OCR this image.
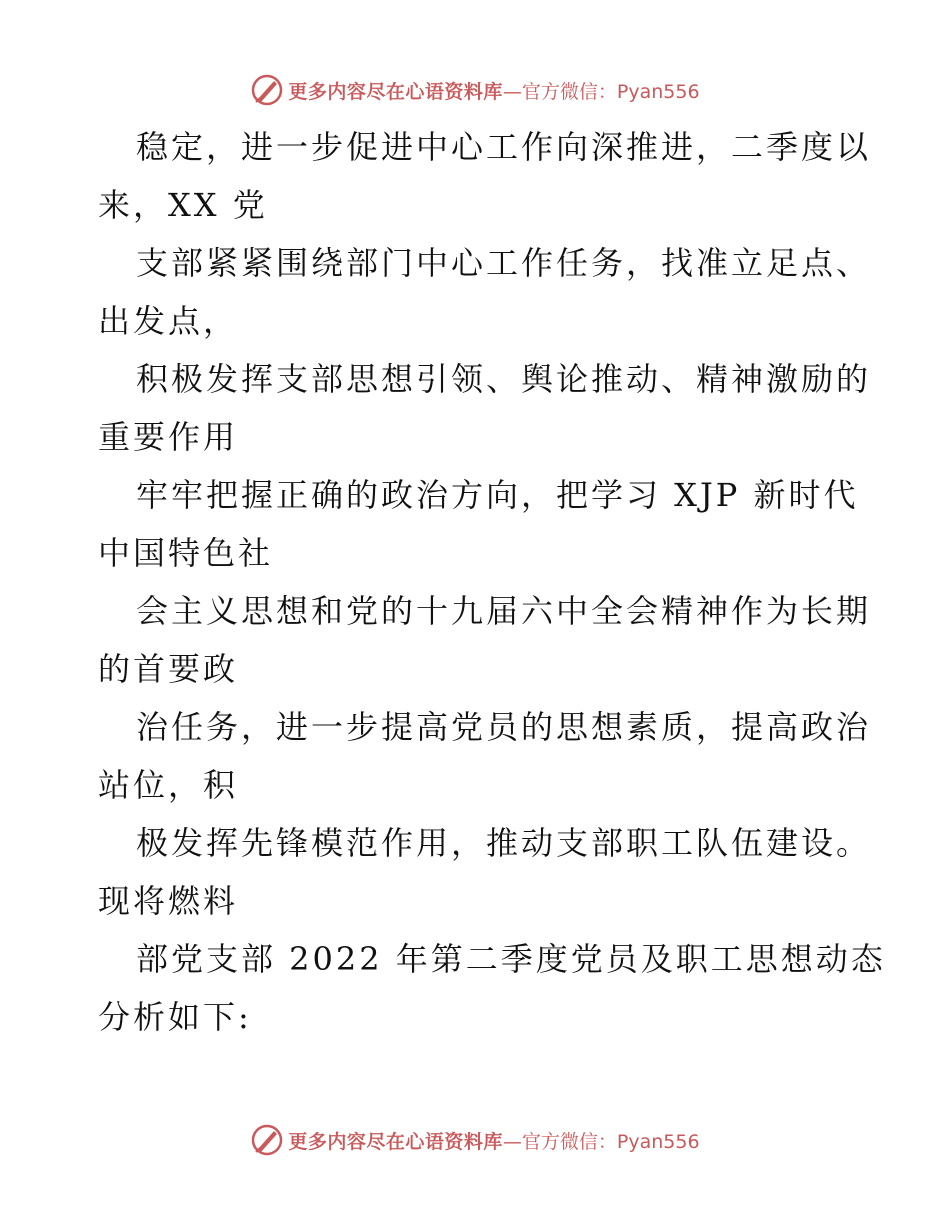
更多内容尽在心语资料库 —官方微信：Pyan556
稳定，进一步促进中心工作向深推进，二季度以
来，XX 党
支部紧紧围绕部门中心工作任务，找准立足点、
出发点，
积极发挥支部思想引领、舆论推动、精神激励的
重要作用
牢牢把握正确的政治方向，把学习 XJP 新时代
中国特色社
会主义思想和党的十九届六中全会精神作为长期
的首要政
治任务，进一步提高党员的思想素质，提高政治
站位，积
极发挥先锋模范作用，推动支部职工队伍建设。
现将燃料
部党支部 2022 年第二季度党员及职工思想动态
分析如下:
更多内容尽在心语资料库 —官方微信：Pyan556
